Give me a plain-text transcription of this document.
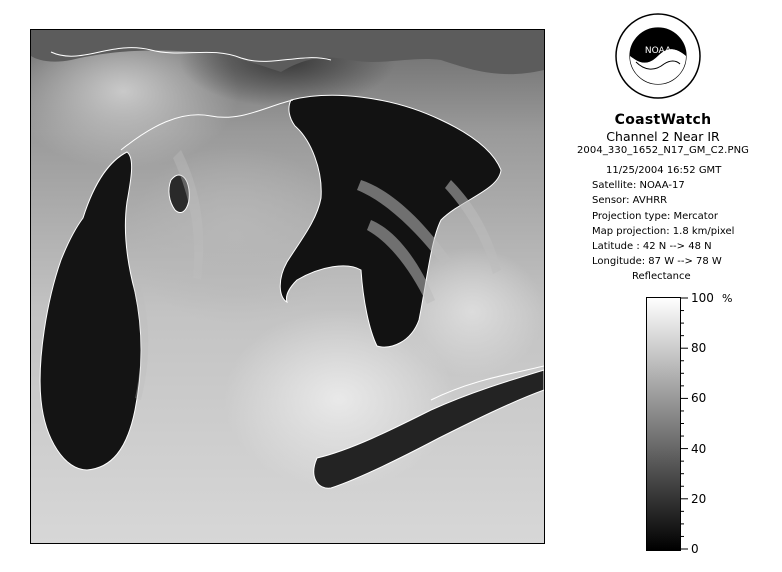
NOAA
CoastWatch
Channel 2 Near IR
2004_330_1652_N17_GM_C2.PNG
11/25/2004 16:52 GMT
Satellite: NOAA-17
Sensor: AVHRR
Projection type: Mercator
Map projection: 1.8 km/pixel
Latitude : 42 N --> 48 N
Longitude: 87 W --> 78 W
Reflectance
%
100
80
60
40
20
0
